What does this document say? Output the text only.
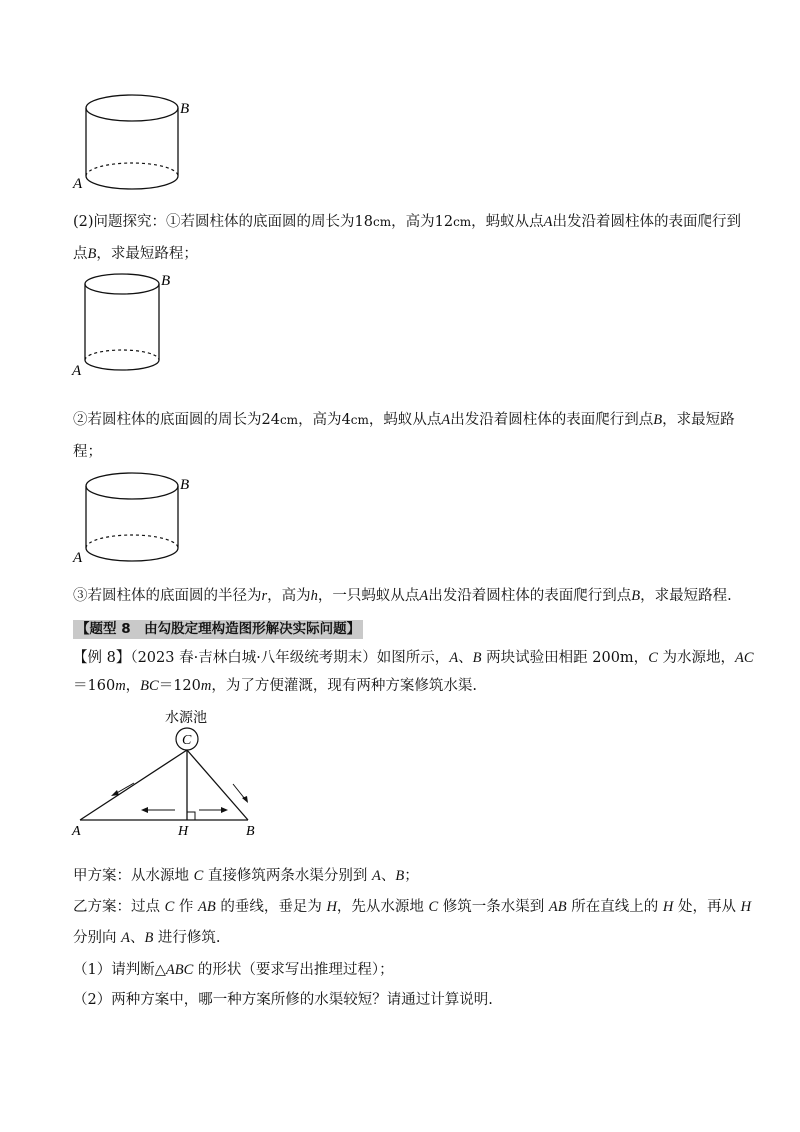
B
A
(2)问题探究：①若圆柱体的底面圆的周长为18cm，高为12cm，蚂蚁从点A出发沿着圆柱体的表面爬行到
点B，求最短路程；
B
A
②若圆柱体的底面圆的周长为24cm，高为4cm，蚂蚁从点A出发沿着圆柱体的表面爬行到点B，求最短路
程；
B
A
③若圆柱体的底面圆的半径为r，高为h，一只蚂蚁从点A出发沿着圆柱体的表面爬行到点B，求最短路程.
【题型 8　由勾股定理构造图形解决实际问题】
【例 8】（2023 春·吉林白城·八年级统考期末）如图所示，A、B 两块试验田相距 200m，C 为水源地，AC
＝160m，BC＝120m，为了方便灌溉，现有两种方案修筑水渠.
水源池
C
A	H	B
甲方案：从水源地 C 直接修筑两条水渠分别到 A、B；
乙方案：过点 C 作 AB 的垂线，垂足为 H，先从水源地 C 修筑一条水渠到 AB 所在直线上的 H 处，再从 H
分别向 A、B 进行修筑.
（1）请判断△ABC 的形状（要求写出推理过程）；
（2）两种方案中，哪一种方案所修的水渠较短？请通过计算说明.
